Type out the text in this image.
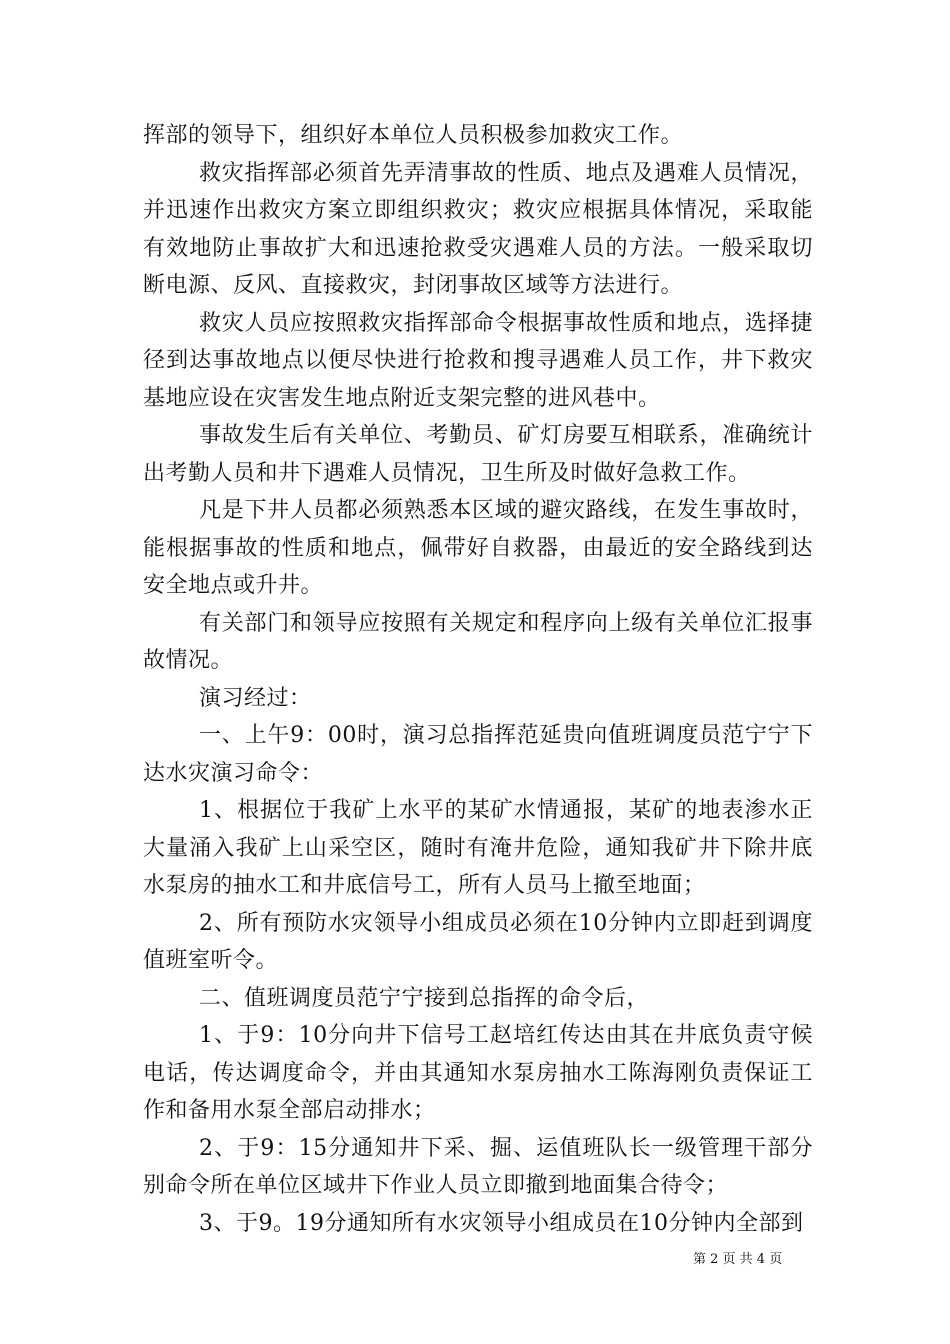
挥部的领导下，组织好本单位人员积极参加救灾工作。

救灾指挥部必须首先弄清事故的性质、地点及遇难人员情况，并迅速作出救灾方案立即组织救灾；救灾应根据具体情况，采取能有效地防止事故扩大和迅速抢救受灾遇难人员的方法。一般采取切断电源、反风、直接救灾，封闭事故区域等方法进行。

救灾人员应按照救灾指挥部命令根据事故性质和地点，选择捷径到达事故地点以便尽快进行抢救和搜寻遇难人员工作，井下救灾基地应设在灾害发生地点附近支架完整的进风巷中。

事故发生后有关单位、考勤员、矿灯房要互相联系，准确统计出考勤人员和井下遇难人员情况，卫生所及时做好急救工作。

凡是下井人员都必须熟悉本区域的避灾路线，在发生事故时，能根据事故的性质和地点，佩带好自救器，由最近的安全路线到达安全地点或升井。

有关部门和领导应按照有关规定和程序向上级有关单位汇报事故情况。

演习经过：

一、上午9：00时，演习总指挥范延贵向值班调度员范宁宁下达水灾演习命令：

1、根据位于我矿上水平的某矿水情通报，某矿的地表渗水正大量涌入我矿上山采空区，随时有淹井危险，通知我矿井下除井底水泵房的抽水工和井底信号工，所有人员马上撤至地面；

2、所有预防水灾领导小组成员必须在10分钟内立即赶到调度值班室听令。

二、值班调度员范宁宁接到总指挥的命令后，

1、于9：10分向井下信号工赵培红传达由其在井底负责守候电话，传达调度命令，并由其通知水泵房抽水工陈海刚负责保证工作和备用水泵全部启动排水；

2、于9：15分通知井下采、掘、运值班队长一级管理干部分别命令所在单位区域井下作业人员立即撤到地面集合待令；

3、于9。19分通知所有水灾领导小组成员在10分钟内全部到

第 2 页 共 4 页
